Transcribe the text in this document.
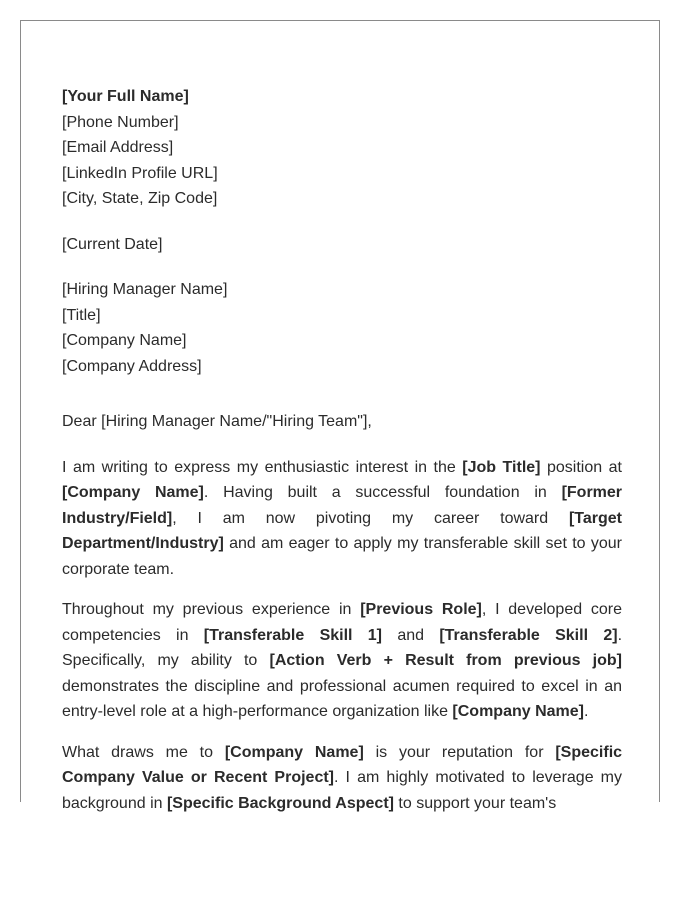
[Your Full Name]

[Phone Number]

[Email Address]

[LinkedIn Profile URL]

[City, State, Zip Code]

[Current Date]

[Hiring Manager Name]

[Title]

[Company Name]

[Company Address]

Dear [Hiring Manager Name/"Hiring Team"],

I am writing to express my enthusiastic interest in the [Job Title] position at [Company Name]. Having built a successful foundation in [Former Industry/Field], I am now pivoting my career toward [Target Department/Industry] and am eager to apply my transferable skill set to your corporate team.

Throughout my previous experience in [Previous Role], I developed core competencies in [Transferable Skill 1] and [Transferable Skill 2]. Specifically, my ability to [Action Verb + Result from previous job] demonstrates the discipline and professional acumen required to excel in an entry-level role at a high-performance organization like [Company Name].

What draws me to [Company Name] is your reputation for [Specific Company Value or Recent Project]. I am highly motivated to leverage my background in [Specific Background Aspect] to support your team's
